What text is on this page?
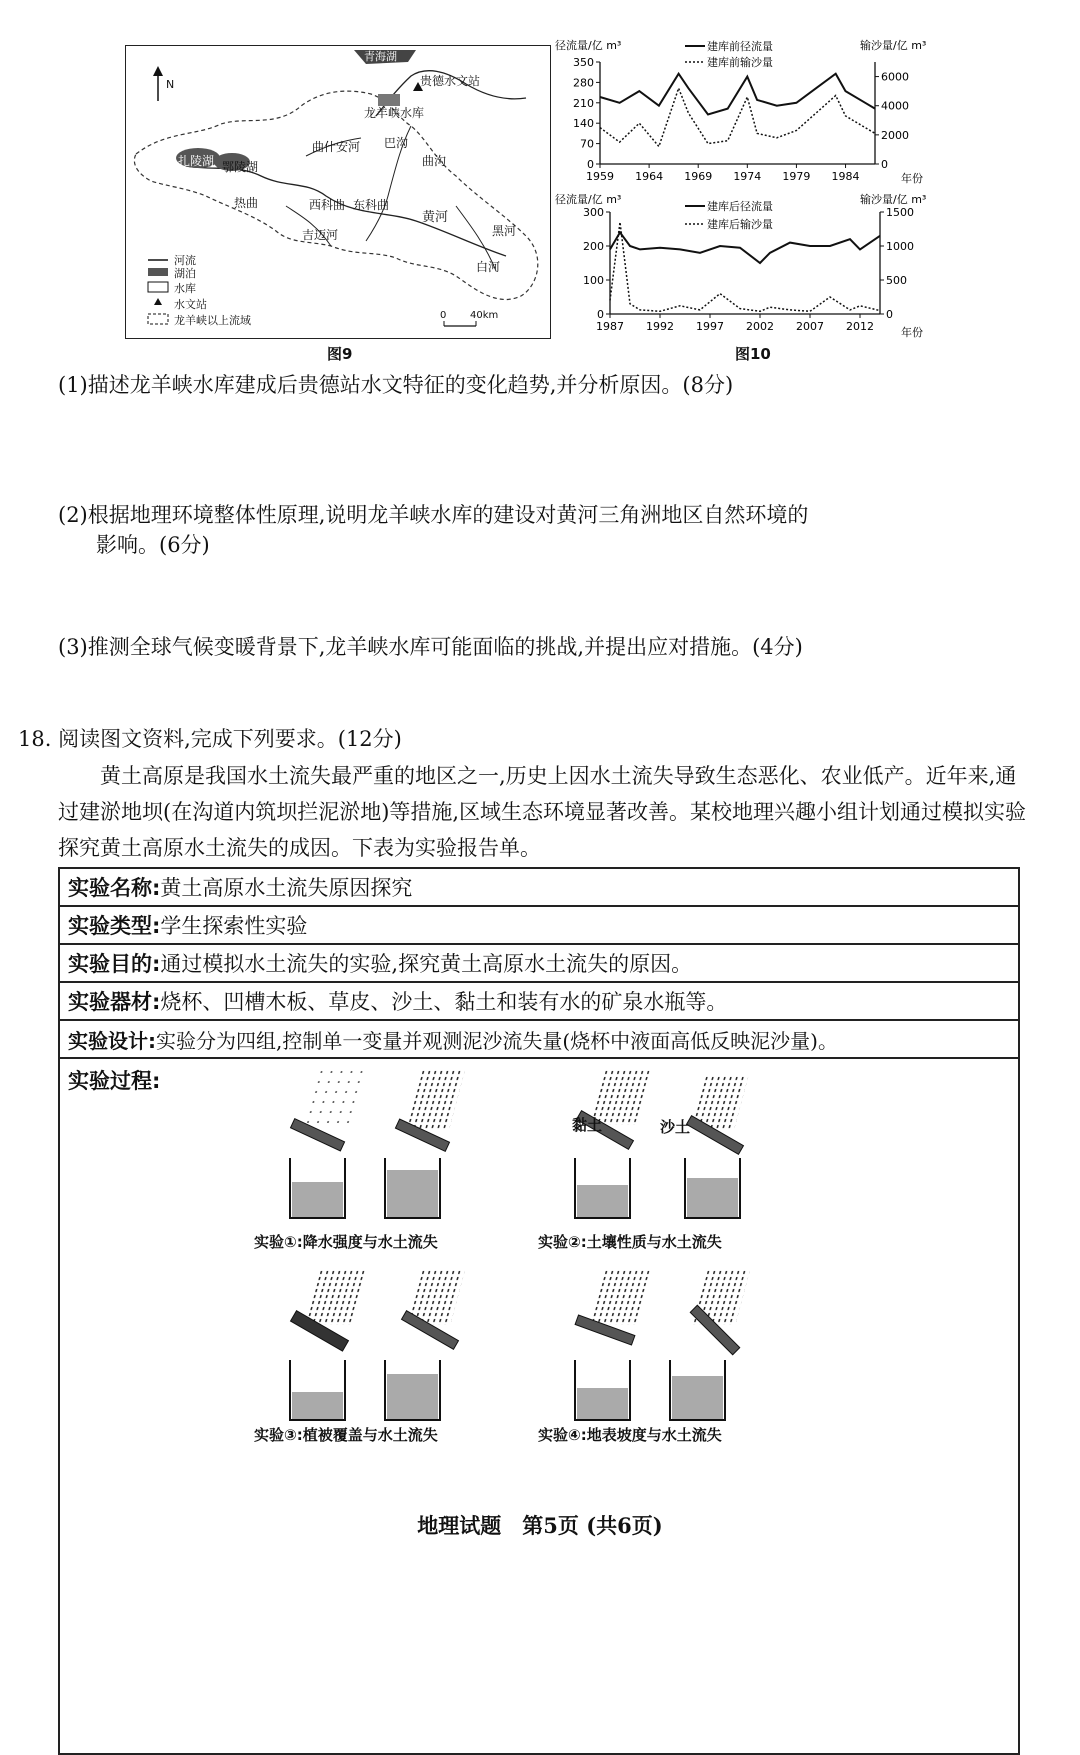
N
青海湖
贵德水文站
龙羊峡水库
扎陵湖 鄂陵湖
曲什安河 巴沟
曲沟
热曲	西科曲 东科曲
吉迈河
黄河
黑河
白河
河流
湖泊
水库
水文站
龙羊峡以上流域	0 40km
图9
径流量/亿 m³	输沙量/亿 m³
建库前径流量
建库前输沙量
年份
350
280
210
140
70
0
6000
4000
2000
0
1959 1964 1969 1974 1979 1984
径流量/亿 m³	输沙量/亿 m³
建库后径流量
建库后输沙量
年份
300
200
100
0
1500
1000
500
0
1987 1992 1997 2002 2007 2012
图10
(1)描述龙羊峡水库建成后贵德站水文特征的变化趋势,并分析原因。(8分)
(2)根据地理环境整体性原理,说明龙羊峡水库的建设对黄河三角洲地区自然环境的
影响。(6分)
(3)推测全球气候变暖背景下,龙羊峡水库可能面临的挑战,并提出应对措施。(4分)
18. 阅读图文资料,完成下列要求。(12分)
黄土高原是我国水土流失最严重的地区之一,历史上因水土流失导致生态恶化、农业低产。近年来,通过建淤地坝(在沟道内筑坝拦泥淤地)等措施,区域生态环境显著改善。某校地理兴趣小组计划通过模拟实验探究黄土高原水土流失的成因。下表为实验报告单。
实验名称:黄土高原水土流失原因探究
实验类型:学生探索性实验
实验目的:通过模拟水土流失的实验,探究黄土高原水土流失的原因。
实验器材:烧杯、凹槽木板、草皮、沙土、黏土和装有水的矿泉水瓶等。
实验设计:实验分为四组,控制单一变量并观测泥沙流失量(烧杯中液面高低反映泥沙量)。
实验过程:
黏土	沙土
实验①:降水强度与水土流失	实验②:土壤性质与水土流失
实验③:植被覆盖与水土流失	实验④:地表坡度与水土流失
地理试题　第5页 (共6页)
